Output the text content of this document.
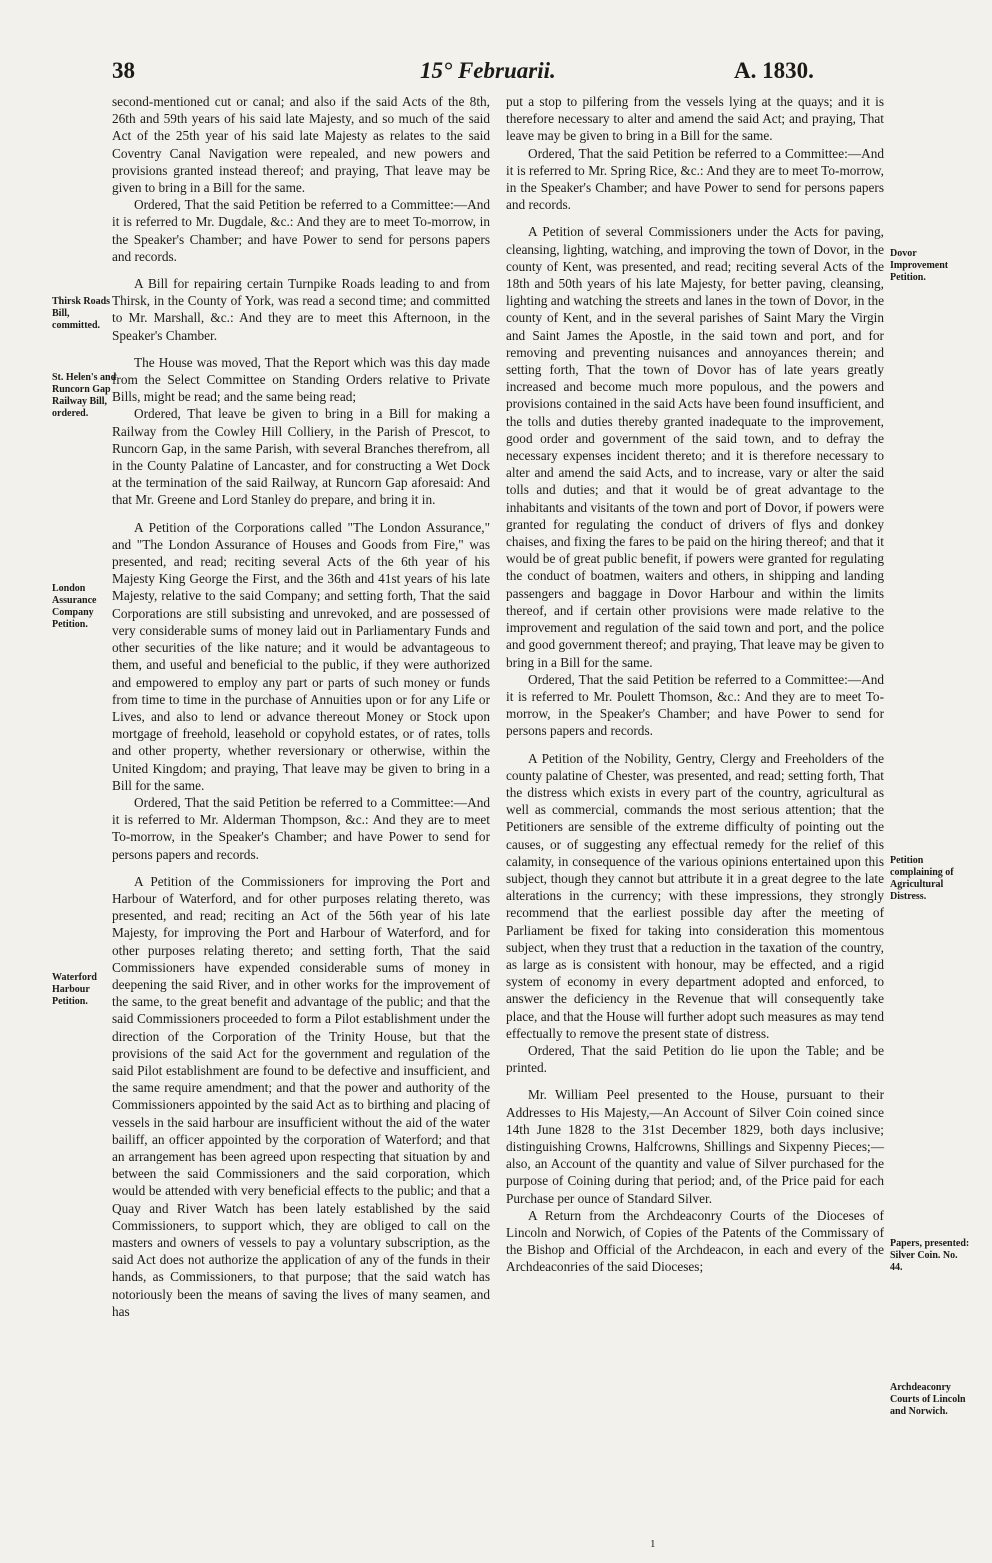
38	15° Februarii.	A. 1830.
Thirsk Roads Bill, committed.
St. Helen's and Runcorn Gap Railway Bill, ordered.
London Assurance Company Petition.
Waterford Harbour Petition.
Dovor Improvement Petition.
Petition complaining of Agricultural Distress.
Papers, presented: Silver Coin. No. 44.
Archdeaconry Courts of Lincoln and Norwich.

second-mentioned cut or canal; and also if the said Acts of the 8th, 26th and 59th years of his said late Majesty, and so much of the said Act of the 25th year of his said late Majesty as relates to the said Coventry Canal Navigation were repealed, and new powers and provisions granted instead thereof; and praying, That leave may be given to bring in a Bill for the same.

Ordered, That the said Petition be referred to a Committee:—And it is referred to Mr. Dugdale, &c.: And they are to meet To-morrow, in the Speaker's Chamber; and have Power to send for persons papers and records.

A Bill for repairing certain Turnpike Roads leading to and from Thirsk, in the County of York, was read a second time; and committed to Mr. Marshall, &c.: And they are to meet this Afternoon, in the Speaker's Chamber.

The House was moved, That the Report which was this day made from the Select Committee on Standing Orders relative to Private Bills, might be read; and the same being read;

Ordered, That leave be given to bring in a Bill for making a Railway from the Cowley Hill Colliery, in the Parish of Prescot, to Runcorn Gap, in the same Parish, with several Branches therefrom, all in the County Palatine of Lancaster, and for constructing a Wet Dock at the termination of the said Railway, at Runcorn Gap aforesaid: And that Mr. Greene and Lord Stanley do prepare, and bring it in.

A Petition of the Corporations called "The London Assurance," and "The London Assurance of Houses and Goods from Fire," was presented, and read; reciting several Acts of the 6th year of his Majesty King George the First, and the 36th and 41st years of his late Majesty, relative to the said Company; and setting forth, That the said Corporations are still subsisting and unrevoked, and are possessed of very considerable sums of money laid out in Parliamentary Funds and other securities of the like nature; and it would be advantageous to them, and useful and beneficial to the public, if they were authorized and empowered to employ any part or parts of such money or funds from time to time in the purchase of Annuities upon or for any Life or Lives, and also to lend or advance thereout Money or Stock upon mortgage of freehold, leasehold or copyhold estates, or of rates, tolls and other property, whether reversionary or otherwise, within the United Kingdom; and praying, That leave may be given to bring in a Bill for the same.

Ordered, That the said Petition be referred to a Committee:—And it is referred to Mr. Alderman Thompson, &c.: And they are to meet To-morrow, in the Speaker's Chamber; and have Power to send for persons papers and records.

A Petition of the Commissioners for improving the Port and Harbour of Waterford, and for other purposes relating thereto, was presented, and read; reciting an Act of the 56th year of his late Majesty, for improving the Port and Harbour of Waterford, and for other purposes relating thereto; and setting forth, That the said Commissioners have expended considerable sums of money in deepening the said River, and in other works for the improvement of the same, to the great benefit and advantage of the public; and that the said Commissioners proceeded to form a Pilot establishment under the direction of the Corporation of the Trinity House, but that the provisions of the said Act for the government and regulation of the said Pilot establishment are found to be defective and insufficient, and the same require amendment; and that the power and authority of the Commissioners appointed by the said Act as to birthing and placing of vessels in the said harbour are insufficient without the aid of the water bailiff, an officer appointed by the corporation of Waterford; and that an arrangement has been agreed upon respecting that situation by and between the said Commissioners and the said corporation, which would be attended with very beneficial effects to the public; and that a Quay and River Watch has been lately established by the said Commissioners, to support which, they are obliged to call on the masters and owners of vessels to pay a voluntary subscription, as the said Act does not authorize the application of any of the funds in their hands, as Commissioners, to that purpose; that the said watch has notoriously been the means of saving the lives of many seamen, and has

put a stop to pilfering from the vessels lying at the quays; and it is therefore necessary to alter and amend the said Act; and praying, That leave may be given to bring in a Bill for the same.

Ordered, That the said Petition be referred to a Committee:—And it is referred to Mr. Spring Rice, &c.: And they are to meet To-morrow, in the Speaker's Chamber; and have Power to send for persons papers and records.

A Petition of several Commissioners under the Acts for paving, cleansing, lighting, watching, and improving the town of Dovor, in the county of Kent, was presented, and read; reciting several Acts of the 18th and 50th years of his late Majesty, for better paving, cleansing, lighting and watching the streets and lanes in the town of Dovor, in the county of Kent, and in the several parishes of Saint Mary the Virgin and Saint James the Apostle, in the said town and port, and for removing and preventing nuisances and annoyances therein; and setting forth, That the town of Dovor has of late years greatly increased and become much more populous, and the powers and provisions contained in the said Acts have been found insufficient, and the tolls and duties thereby granted inadequate to the improvement, good order and government of the said town, and to defray the necessary expenses incident thereto; and it is therefore necessary to alter and amend the said Acts, and to increase, vary or alter the said tolls and duties; and that it would be of great advantage to the inhabitants and visitants of the town and port of Dovor, if powers were granted for regulating the conduct of drivers of flys and donkey chaises, and fixing the fares to be paid on the hiring thereof; and that it would be of great public benefit, if powers were granted for regulating the conduct of boatmen, waiters and others, in shipping and landing passengers and baggage in Dovor Harbour and within the limits thereof, and if certain other provisions were made relative to the improvement and regulation of the said town and port, and the police and good government thereof; and praying, That leave may be given to bring in a Bill for the same.

Ordered, That the said Petition be referred to a Committee:—And it is referred to Mr. Poulett Thomson, &c.: And they are to meet To-morrow, in the Speaker's Chamber; and have Power to send for persons papers and records.

A Petition of the Nobility, Gentry, Clergy and Freeholders of the county palatine of Chester, was presented, and read; setting forth, That the distress which exists in every part of the country, agricultural as well as commercial, commands the most serious attention; that the Petitioners are sensible of the extreme difficulty of pointing out the causes, or of suggesting any effectual remedy for the relief of this calamity, in consequence of the various opinions entertained upon this subject, though they cannot but attribute it in a great degree to the late alterations in the currency; with these impressions, they strongly recommend that the earliest possible day after the meeting of Parliament be fixed for taking into consideration this momentous subject, when they trust that a reduction in the taxation of the country, as large as is consistent with honour, may be effected, and a rigid system of economy in every department adopted and enforced, to answer the deficiency in the Revenue that will consequently take place, and that the House will further adopt such measures as may tend effectually to remove the present state of distress.

Ordered, That the said Petition do lie upon the Table; and be printed.

Mr. William Peel presented to the House, pursuant to their Addresses to His Majesty,—An Account of Silver Coin coined since 14th June 1828 to the 31st December 1829, both days inclusive; distinguishing Crowns, Halfcrowns, Shillings and Sixpenny Pieces;—also, an Account of the quantity and value of Silver purchased for the purpose of Coining during that period; and, of the Price paid for each Purchase per ounce of Standard Silver.

A Return from the Archdeaconry Courts of the Dioceses of Lincoln and Norwich, of Copies of the Patents of the Commissary of the Bishop and Official of the Archdeacon, in each and every of the Archdeaconries of the said Dioceses;

1
